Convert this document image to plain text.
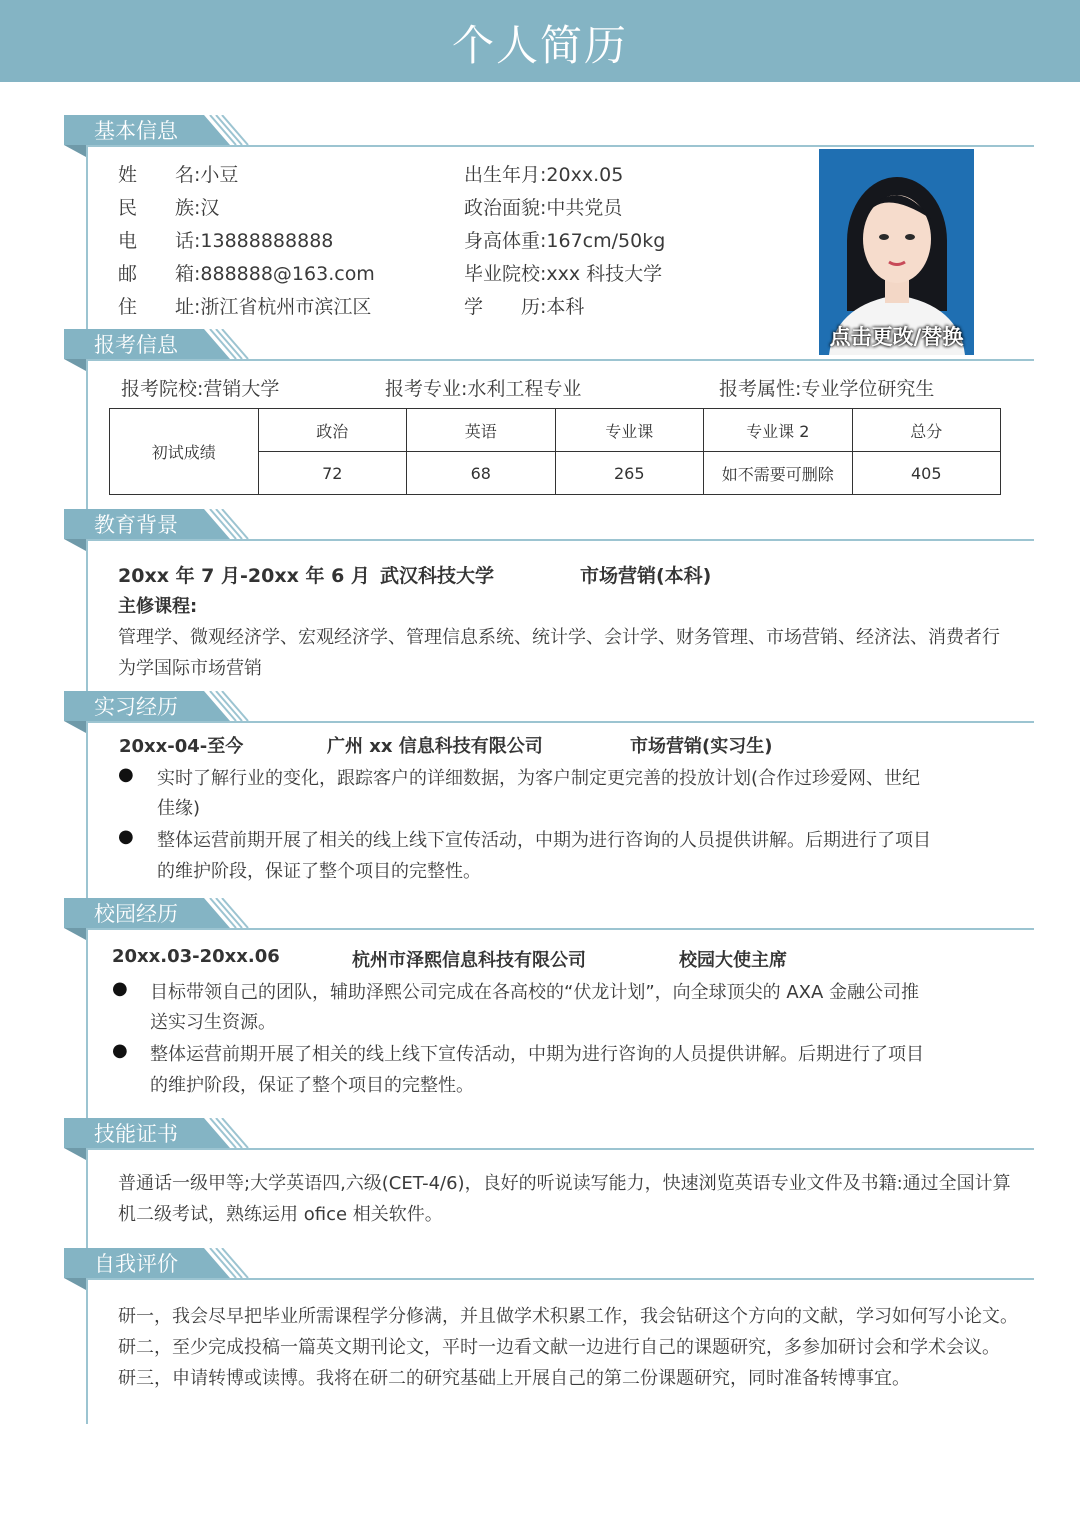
个人简历
基本信息
姓　　名:小豆
民　　族:汉
电　　话:13888888888
邮　　箱:888888@163.com
住　　址:浙江省杭州市滨江区
出生年月:20xx.05
政治面貌:中共党员
身高体重:167cm/50kg
毕业院校:xxx 科技大学
学　　历:本科
点击更改/替换
报考信息
报考院校:营销大学	报考专业:水利工程专业	报考属性:专业学位研究生
初试成绩	政治	英语	专业课	专业课 2	总分
	72	68	265	如不需要可删除	405
教育背景
20xx 年 7 月-20xx 年 6 月 武汉科技大学	市场营销(本科)
主修课程:
管理学、微观经济学、宏观经济学、管理信息系统、统计学、会计学、财务管理、市场营销、经济法、消费者行
为学国际市场营销
实习经历
20xx-04-至今	广州 xx 信息科技有限公司	市场营销(实习生)
● 实时了解行业的变化，跟踪客户的详细数据，为客户制定更完善的投放计划(合作过珍爱网、世纪
佳缘)
● 整体运营前期开展了相关的线上线下宣传活动，中期为进行咨询的人员提供讲解。后期进行了项目
的维护阶段，保证了整个项目的完整性。
校园经历
20xx.03-20xx.06	杭州市泽熙信息科技有限公司	校园大使主席
● 目标带领自己的团队，辅助泽熙公司完成在各高校的“伏龙计划”，向全球顶尖的 AXA 金融公司推
送实习生资源。
● 整体运营前期开展了相关的线上线下宣传活动，中期为进行咨询的人员提供讲解。后期进行了项目
的维护阶段，保证了整个项目的完整性。
技能证书
普通话一级甲等;大学英语四,六级(CET-4/6)，良好的听说读写能力，快速浏览英语专业文件及书籍:通过全国计算
机二级考试，熟练运用 ofice 相关软件。
自我评价
研一，我会尽早把毕业所需课程学分修满，并且做学术积累工作，我会钻研这个方向的文献，学习如何写小论文。
研二，至少完成投稿一篇英文期刊论文，平时一边看文献一边进行自己的课题研究，多参加研讨会和学术会议。
研三，申请转博或读博。我将在研二的研究基础上开展自己的第二份课题研究，同时准备转博事宜。
